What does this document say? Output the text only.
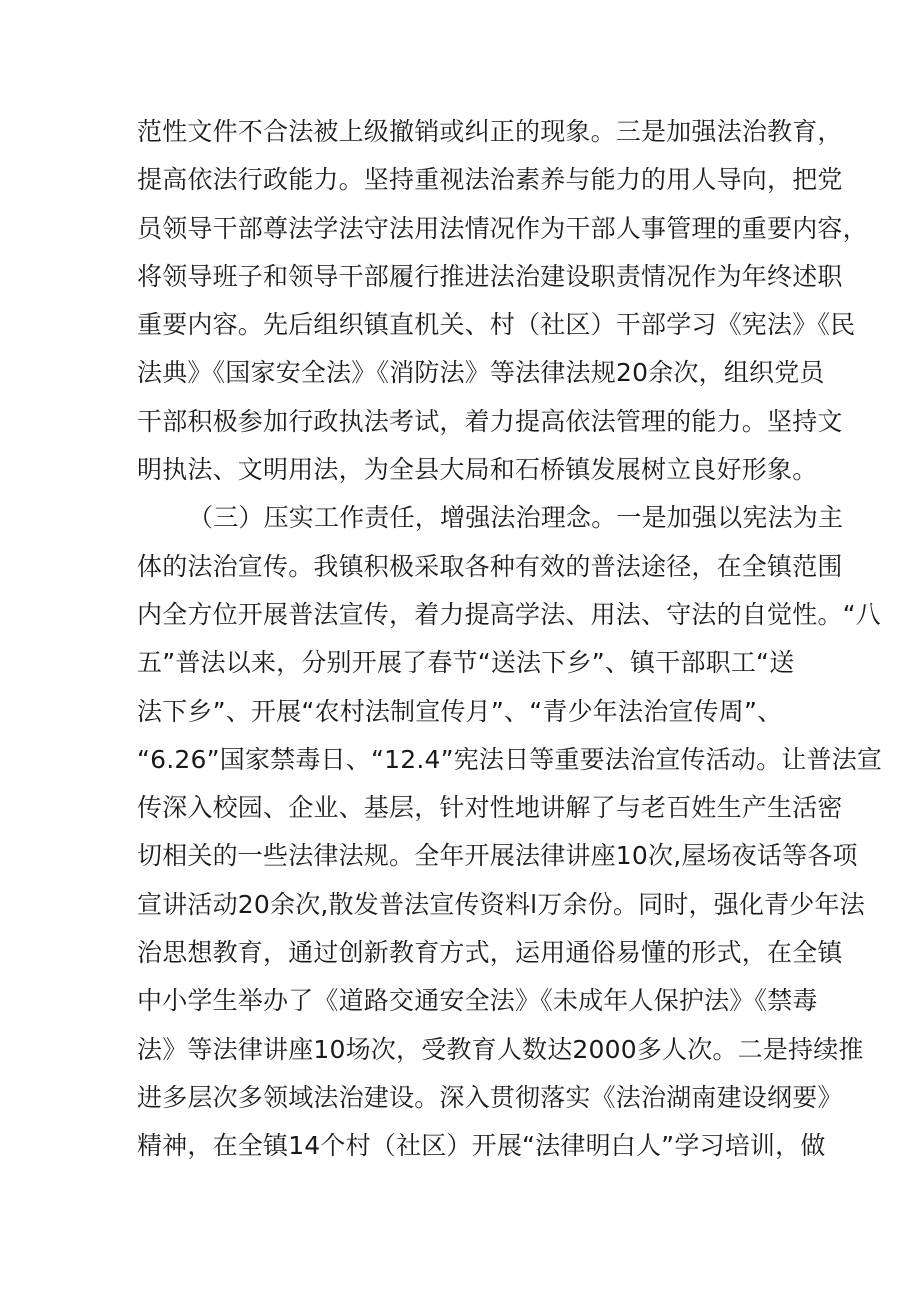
范性文件不合法被上级撤销或纠正的现象。三是加强法治教育，
提高依法行政能力。坚持重视法治素养与能力的用人导向，把党
员领导干部尊法学法守法用法情况作为干部人事管理的重要内容，
将领导班子和领导干部履行推进法治建设职责情况作为年终述职
重要内容。先后组织镇直机关、村（社区）干部学习《宪法》《民
法典》《国家安全法》《消防法》等法律法规20余次，组织党员
干部积极参加行政执法考试，着力提高依法管理的能力。坚持文
明执法、文明用法，为全县大局和石桥镇发展树立良好形象。
（三）压实工作责任，增强法治理念。一是加强以宪法为主
体的法治宣传。我镇积极采取各种有效的普法途径，在全镇范围
内全方位开展普法宣传，着力提高学法、用法、守法的自觉性。“八
五”普法以来，分别开展了春节“送法下乡”、镇干部职工“送
法下乡”、开展“农村法制宣传月”、“青少年法治宣传周”、
“6.26”国家禁毒日、“12.4”宪法日等重要法治宣传活动。让普法宣
传深入校园、企业、基层，针对性地讲解了与老百姓生产生活密
切相关的一些法律法规。全年开展法律讲座10次,屋场夜话等各项
宣讲活动20余次,散发普法宣传资料l万余份。同时，强化青少年法
治思想教育，通过创新教育方式，运用通俗易懂的形式，在全镇
中小学生举办了《道路交通安全法》《未成年人保护法》《禁毒
法》等法律讲座10场次，受教育人数达2000多人次。二是持续推
进多层次多领域法治建设。深入贯彻落实《法治湖南建设纲要》
精神，在全镇14个村（社区）开展“法律明白人”学习培训，做
